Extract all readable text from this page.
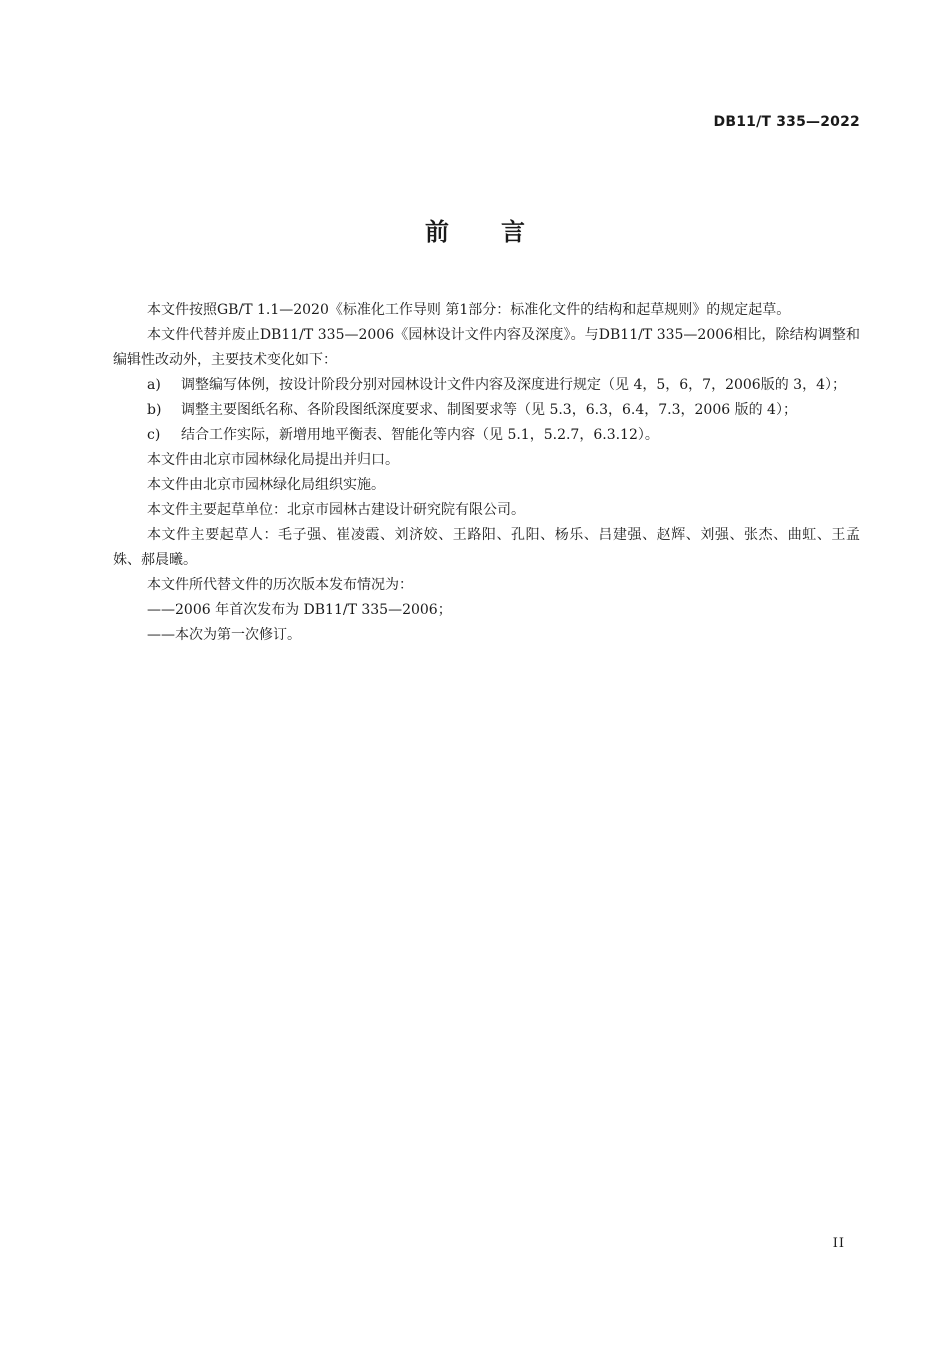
DB11/T 335—2022
前言

本文件按照GB/T 1.1—2020《标准化工作导则 第1部分：标准化文件的结构和起草规则》的规定起草。

本文件代替并废止DB11/T 335—2006《园林设计文件内容及深度》。与DB11/T 335—2006相比，除结构调整和编辑性改动外，主要技术变化如下：

a) 调整编写体例，按设计阶段分别对园林设计文件内容及深度进行规定（见 4，5，6，7，2006版的 3，4）；

b) 调整主要图纸名称、各阶段图纸深度要求、制图要求等（见 5.3，6.3，6.4，7.3，2006 版的 4）；

c) 结合工作实际，新增用地平衡表、智能化等内容（见 5.1，5.2.7，6.3.12）。

本文件由北京市园林绿化局提出并归口。

本文件由北京市园林绿化局组织实施。

本文件主要起草单位：北京市园林古建设计研究院有限公司。

本文件主要起草人：毛子强、崔凌霞、刘济姣、王路阳、孔阳、杨乐、吕建强、赵辉、刘强、张杰、曲虹、王孟姝、郝晨曦。

本文件所代替文件的历次版本发布情况为：

——2006 年首次发布为 DB11/T 335—2006；

——本次为第一次修订。

II
